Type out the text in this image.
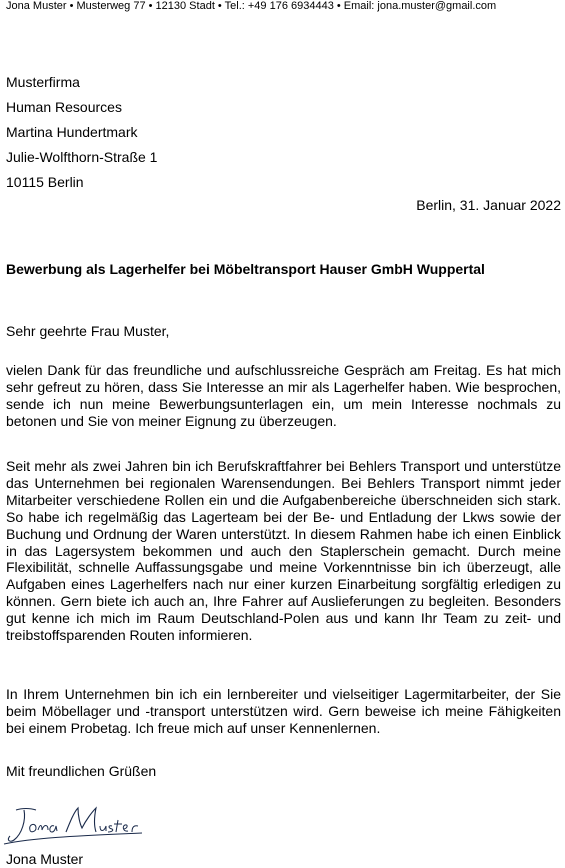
Jona Muster • Musterweg 77 • 12130 Stadt • Tel.: +49 176 6934443 • Email: jona.muster@gmail.com
Musterfirma
Human Resources
Martina Hundertmark
Julie-Wolfthorn-Straße 1
10115 Berlin
Berlin, 31. Januar 2022
Bewerbung als Lagerhelfer bei Möbeltransport Hauser GmbH Wuppertal
Sehr geehrte Frau Muster,
vielen Dank für das freundliche und aufschlussreiche Gespräch am Freitag. Es hat mich sehr gefreut zu hören, dass Sie Interesse an mir als Lagerhelfer haben. Wie besprochen, sende ich nun meine Bewerbungsunterlagen ein, um mein Interesse nochmals zu betonen und Sie von meiner Eignung zu überzeugen.
Seit mehr als zwei Jahren bin ich Berufskraftfahrer bei Behlers Transport und unterstütze das Unternehmen bei regionalen Warensendungen. Bei Behlers Transport nimmt jeder Mitarbeiter verschiedene Rollen ein und die Aufgabenbereiche überschneiden sich stark. So habe ich regelmäßig das Lagerteam bei der Be- und Entladung der Lkws sowie der Buchung und Ordnung der Waren unterstützt. In diesem Rahmen habe ich einen Einblick in das Lagersystem bekommen und auch den Staplerschein gemacht. Durch meine Flexibilität, schnelle Auffassungsgabe und meine Vorkenntnisse bin ich überzeugt, alle Aufgaben eines Lagerhelfers nach nur einer kurzen Einarbeitung sorgfältig erledigen zu können. Gern biete ich auch an, Ihre Fahrer auf Auslieferungen zu begleiten. Besonders gut kenne ich mich im Raum Deutschland-Polen aus und kann Ihr Team zu zeit- und treibstoffsparenden Routen informieren.
In Ihrem Unternehmen bin ich ein lernbereiter und vielseitiger Lagermitarbeiter, der Sie beim Möbellager und -transport unterstützen wird. Gern beweise ich meine Fähigkeiten bei einem Probetag. Ich freue mich auf unser Kennenlernen.
Mit freundlichen Grüßen
Jona Muster
